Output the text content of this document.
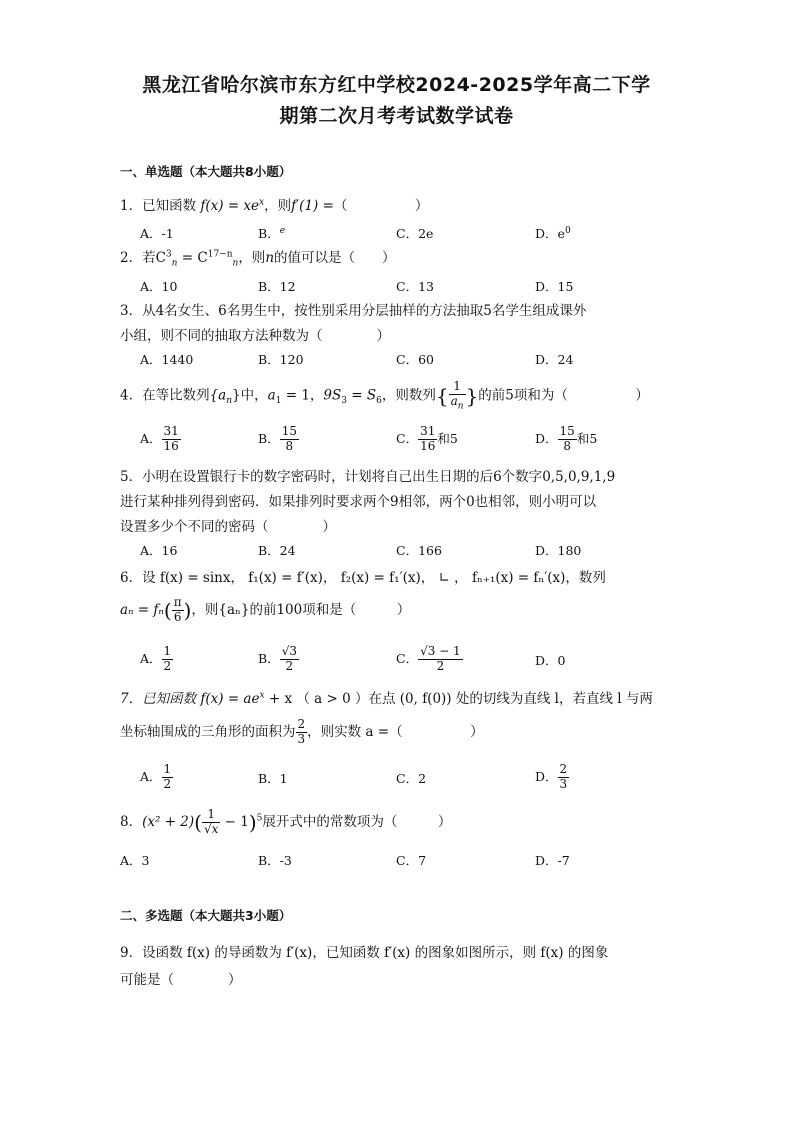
黑龙江省哈尔滨市东方红中学校2024-2025学年高二下学
期第二次月考考试数学试卷
一、单选题（本大题共8小题）
1．已知函数 $f(x) = xe^x$，则f′(1) =（　　　　　）
A．-1	B．$^e$	C．2e	D．$e^0$
2．若$C^3_n = C^{17-n}_n$，则n的值可以是（　　）
A．10	B．12	C．13	D．15
3．从4名女生、6名男生中，按性别采用分层抽样的方法抽取5名学生组成课外
小组，则不同的抽取方法种数为（　　　　）
A．1440	B．120	C．60	D．24
4．在等比数列$\{a_n\}$中，$a_1 = 1$，$9S_3 = S_6$，则数列{ $\frac{1}{a_n}$ }的前5项和为（　　　　　）
A． $\frac{31}{16}$	B． $\frac{15}{8}$	C． $\frac{31}{16}$ 和5	D． $\frac{15}{8}$ 和5
5．小明在设置银行卡的数字密码时，计划将自己出生日期的后6个数字0,5,0,9,1,9
进行某种排列得到密码．如果排列时要求两个9相邻，两个0也相邻，则小明可以
设置多少个不同的密码（　　　　）
A．16	B．24	C．166	D．180
6．设 f(x) = sinx， f₁(x) = f′(x)， f₂(x) = f₁′(x)， ∟ ， fₙ₊₁(x) = fₙ′(x)，数列
$a_n = f_n( \frac{\pi}{6}$ )，则{aₙ}的前100项和是（　　　）
A． $\frac{1}{2}$	B． $\frac{√3}{2}$	C． $\frac{√3 - 1}{2}$	D．0
7．已知函数 $f(x) = ae^x + x$ （ a > 0 ）在点 (0, f(0)) 处的切线为直线 l，若直线 l 与两
坐标轴围成的三角形的面积为 $\frac{2}{3}$ ，则实数 a =（　　　　　）
A． $\frac{1}{2}$	B．1	C．2	D． $\frac{2}{3}$
8．$(x^2 + 2)( \frac{1}{√x} - 1)^5$展开式中的常数项为（　　　）
A．3	B．-3	C．7	D．-7
二、多选题（本大题共3小题）
9．设函数 f(x) 的导函数为 f′(x)，已知函数 f′(x) 的图象如图所示，则 f(x) 的图象
可能是（　　　　）
